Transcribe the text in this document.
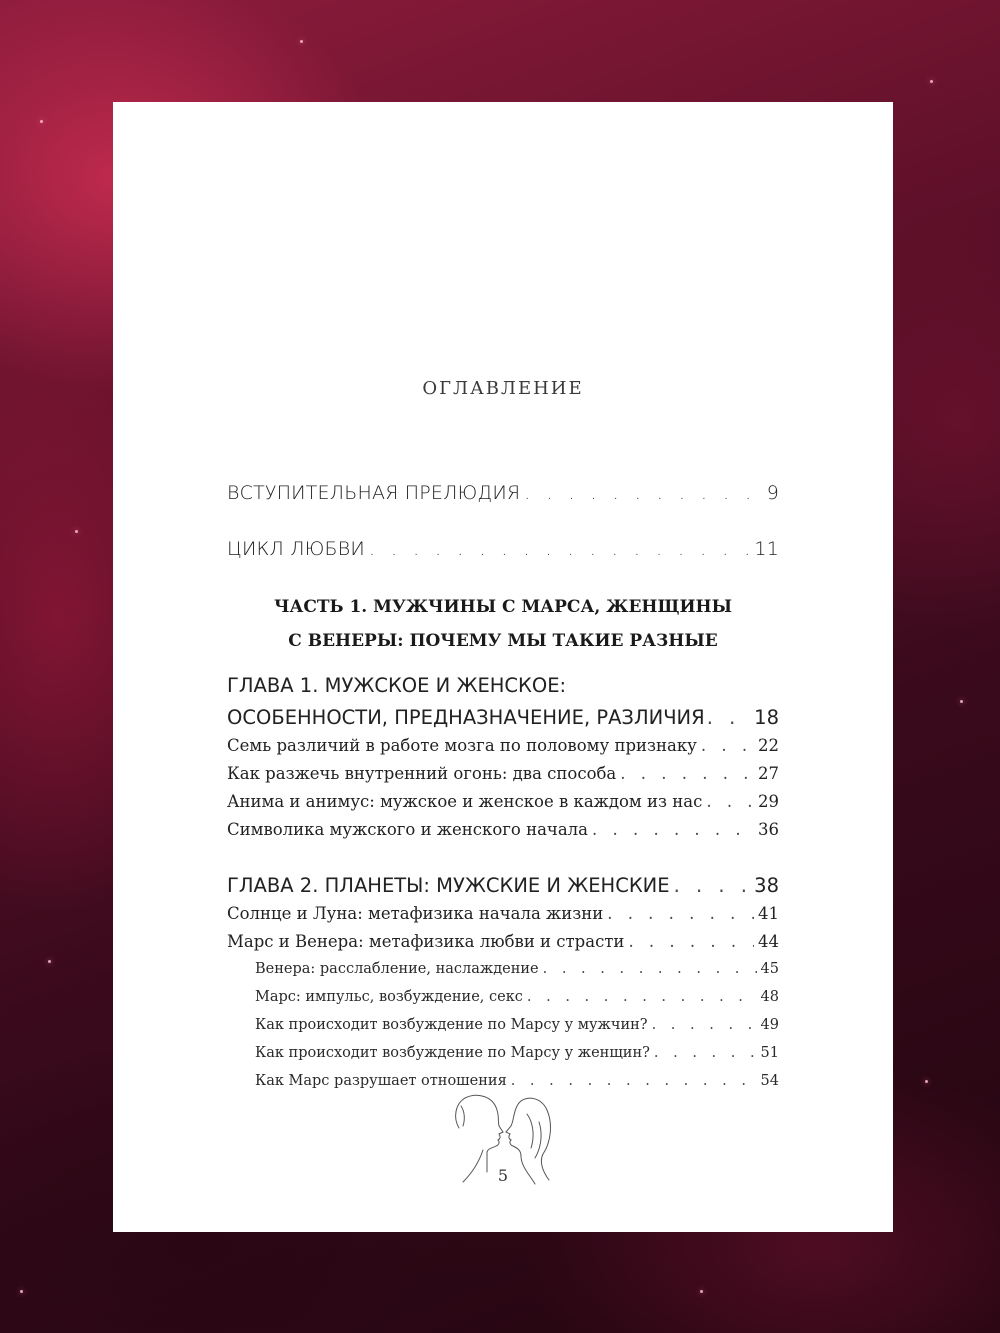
ОГЛАВЛЕНИЕ
ВСТУПИТЕЛЬНАЯ ПРЕЛЮДИЯ . . .	9
ЦИКЛ ЛЮБВИ . . .	11
ЧАСТЬ 1. МУЖЧИНЫ С МАРСА, ЖЕНЩИНЫ
С ВЕНЕРЫ: ПОЧЕМУ МЫ ТАКИЕ РАЗНЫЕ
ГЛАВА 1. МУЖСКОЕ И ЖЕНСКОЕ:
ОСОБЕННОСТИ, ПРЕДНАЗНАЧЕНИЕ, РАЗЛИЧИЯ . . .	18
Семь различий в работе мозга по половому признаку . . .	22
Как разжечь внутренний огонь: два способа . . .	27
Анима и анимус: мужское и женское в каждом из нас . . .	29
Символика мужского и женского начала . . .	36
ГЛАВА 2. ПЛАНЕТЫ: МУЖСКИЕ И ЖЕНСКИЕ . . .	38
Солнце и Луна: метафизика начала жизни . . .	41
Марс и Венера: метафизика любви и страсти . . .	44
Венера: расслабление, наслаждение . . .	45
Марс: импульс, возбуждение, секс . . .	48
Как происходит возбуждение по Марсу у мужчин? . . .	49
Как происходит возбуждение по Марсу у женщин? . . .	51
Как Марс разрушает отношения . . .	54
5
